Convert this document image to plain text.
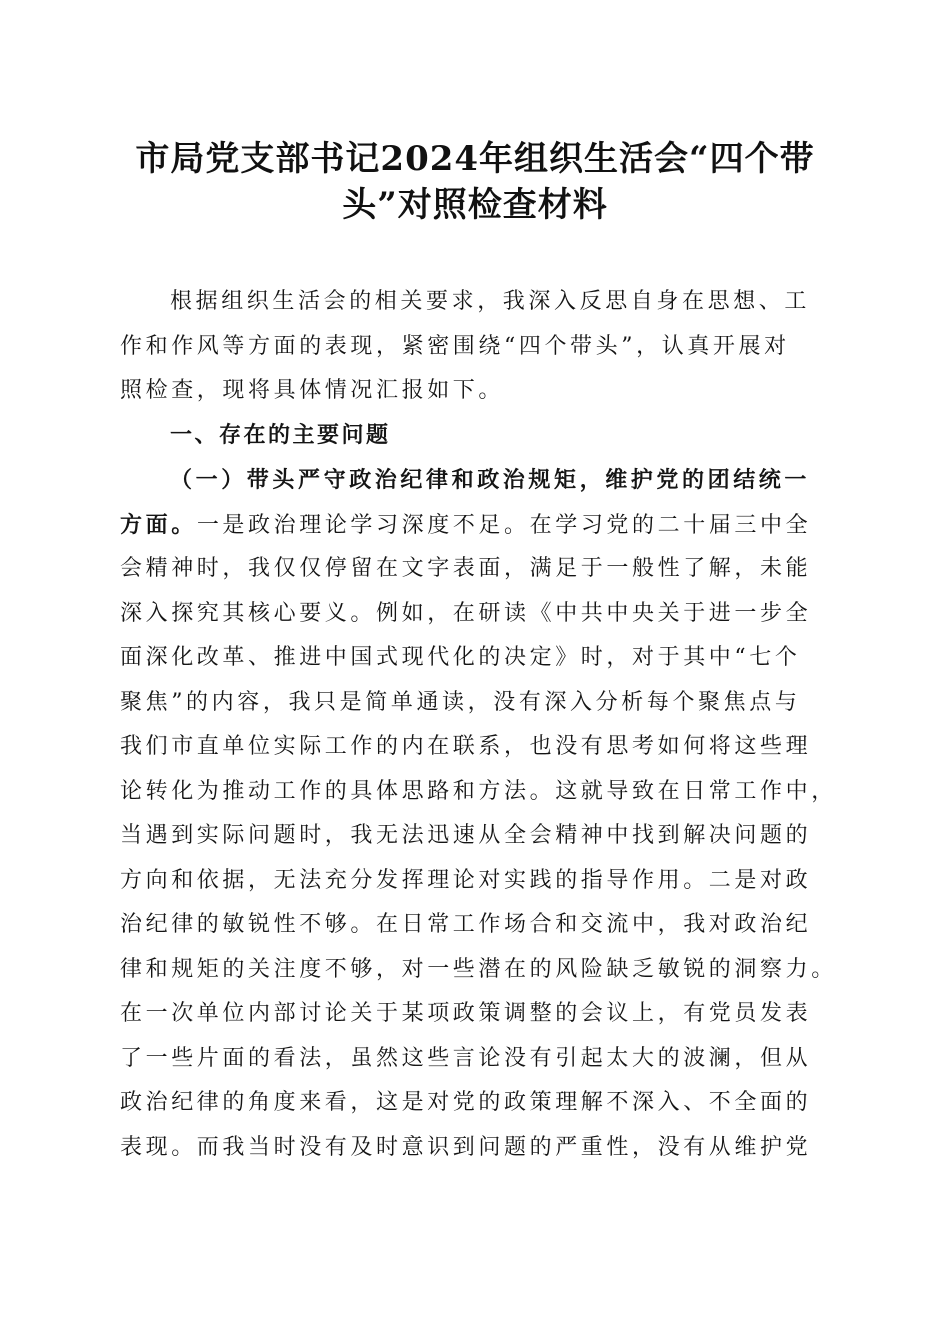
市局党支部书记2024年组织生活会“四个带
头”对照检查材料
根据组织生活会的相关要求，我深入反思自身在思想、工
作和作风等方面的表现，紧密围绕“四个带头”，认真开展对
照检查，现将具体情况汇报如下。
一、存在的主要问题
（一）带头严守政治纪律和政治规矩，维护党的团结统一
方面。一是政治理论学习深度不足。在学习党的二十届三中全
会精神时，我仅仅停留在文字表面，满足于一般性了解，未能
深入探究其核心要义。例如，在研读《中共中央关于进一步全
面深化改革、推进中国式现代化的决定》时，对于其中“七个
聚焦”的内容，我只是简单通读，没有深入分析每个聚焦点与
我们市直单位实际工作的内在联系，也没有思考如何将这些理
论转化为推动工作的具体思路和方法。这就导致在日常工作中，
当遇到实际问题时，我无法迅速从全会精神中找到解决问题的
方向和依据，无法充分发挥理论对实践的指导作用。二是对政
治纪律的敏锐性不够。在日常工作场合和交流中，我对政治纪
律和规矩的关注度不够，对一些潜在的风险缺乏敏锐的洞察力。
在一次单位内部讨论关于某项政策调整的会议上，有党员发表
了一些片面的看法，虽然这些言论没有引起太大的波澜，但从
政治纪律的角度来看，这是对党的政策理解不深入、不全面的
表现。而我当时没有及时意识到问题的严重性，没有从维护党
